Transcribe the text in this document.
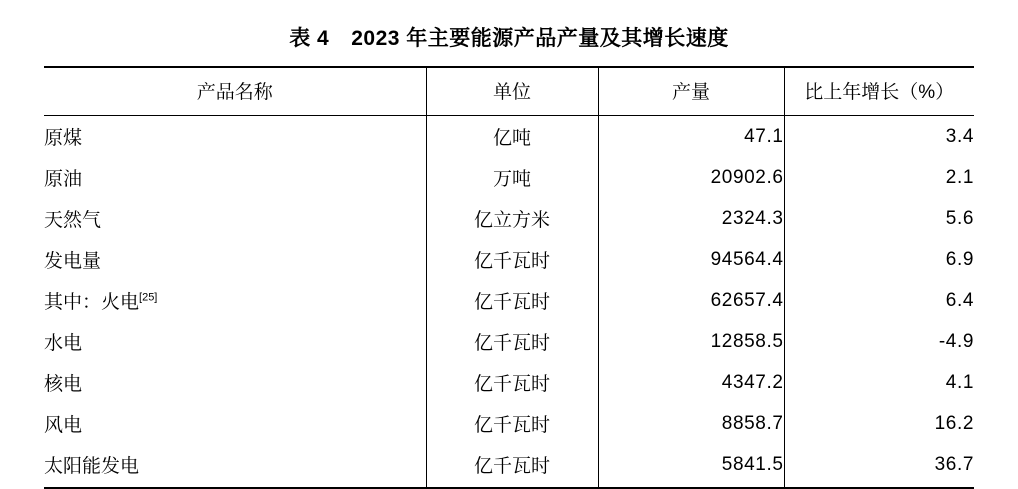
表 4 2023 年主要能源产品产量及其增长速度
产品名称	单位	产量	比上年增长（%）
原煤	亿吨	47.1	3.4
原油	万吨	20902.6	2.1
天然气	亿立方米	2324.3	5.6
发电量	亿千瓦时	94564.4	6.9
其中：火电[25]	亿千瓦时	62657.4	6.4
水电	亿千瓦时	12858.5	-4.9
核电	亿千瓦时	4347.2	4.1
风电	亿千瓦时	8858.7	16.2
太阳能发电	亿千瓦时	5841.5	36.7
